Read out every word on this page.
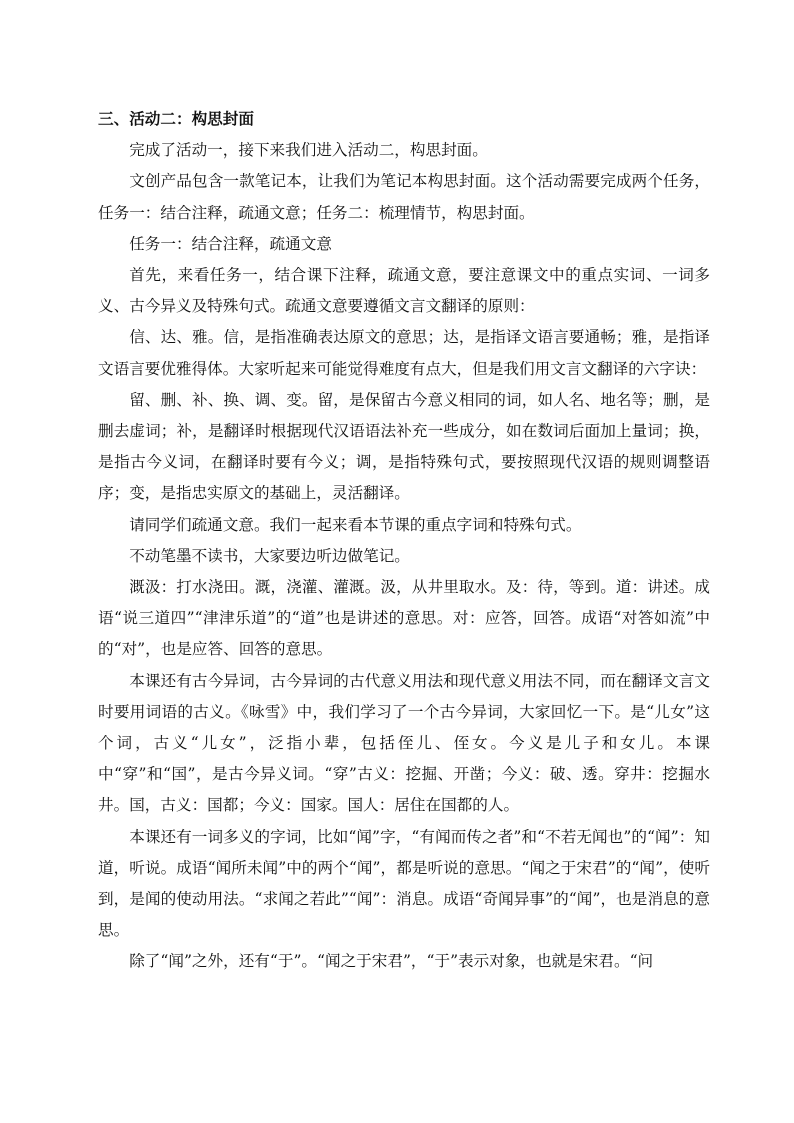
三、活动二：构思封面

完成了活动一，接下来我们进入活动二，构思封面。

文创产品包含一款笔记本，让我们为笔记本构思封面。这个活动需要完成两个任务，任务一：结合注释，疏通文意；任务二：梳理情节，构思封面。

任务一：结合注释，疏通文意

首先，来看任务一，结合课下注释，疏通文意，要注意课文中的重点实词、一词多义、古今异义及特殊句式。疏通文意要遵循文言文翻译的原则：

信、达、雅。信，是指准确表达原文的意思；达，是指译文语言要通畅；雅，是指译文语言要优雅得体。大家听起来可能觉得难度有点大，但是我们用文言文翻译的六字诀：

留、删、补、换、调、变。留，是保留古今意义相同的词，如人名、地名等；删，是删去虚词；补，是翻译时根据现代汉语语法补充一些成分，如在数词后面加上量词；换，是指古今义词，在翻译时要有今义；调，是指特殊句式，要按照现代汉语的规则调整语序；变，是指忠实原文的基础上，灵活翻译。

请同学们疏通文意。我们一起来看本节课的重点字词和特殊句式。

不动笔墨不读书，大家要边听边做笔记。

溉汲：打水浇田。溉，浇灌、灌溉。汲，从井里取水。及：待，等到。道：讲述。成语“说三道四”“津津乐道”的“道”也是讲述的意思。对：应答，回答。成语“对答如流”中的“对”，也是应答、回答的意思。

本课还有古今异词，古今异词的古代意义用法和现代意义用法不同，而在翻译文言文时要用词语的古义。《咏雪》中，我们学习了一个古今异词，大家回忆一下。是“儿女”这个词，古义“儿女”，泛指小辈，包括侄儿、侄女。今义是儿子和女儿。本课中“穿”和“国”，是古今异义词。“穿”古义：挖掘、开凿；今义：破、透。穿井：挖掘水井。国，古义：国都；今义：国家。国人：居住在国都的人。

本课还有一词多义的字词，比如“闻”字，“有闻而传之者”和“不若无闻也”的“闻”：知道，听说。成语“闻所未闻”中的两个“闻”，都是听说的意思。“闻之于宋君”的“闻”，使听到，是闻的使动用法。“求闻之若此”“闻”：消息。成语“奇闻异事”的“闻”，也是消息的意思。

除了“闻”之外，还有“于”。“闻之于宋君”，“于”表示对象，也就是宋君。“问
